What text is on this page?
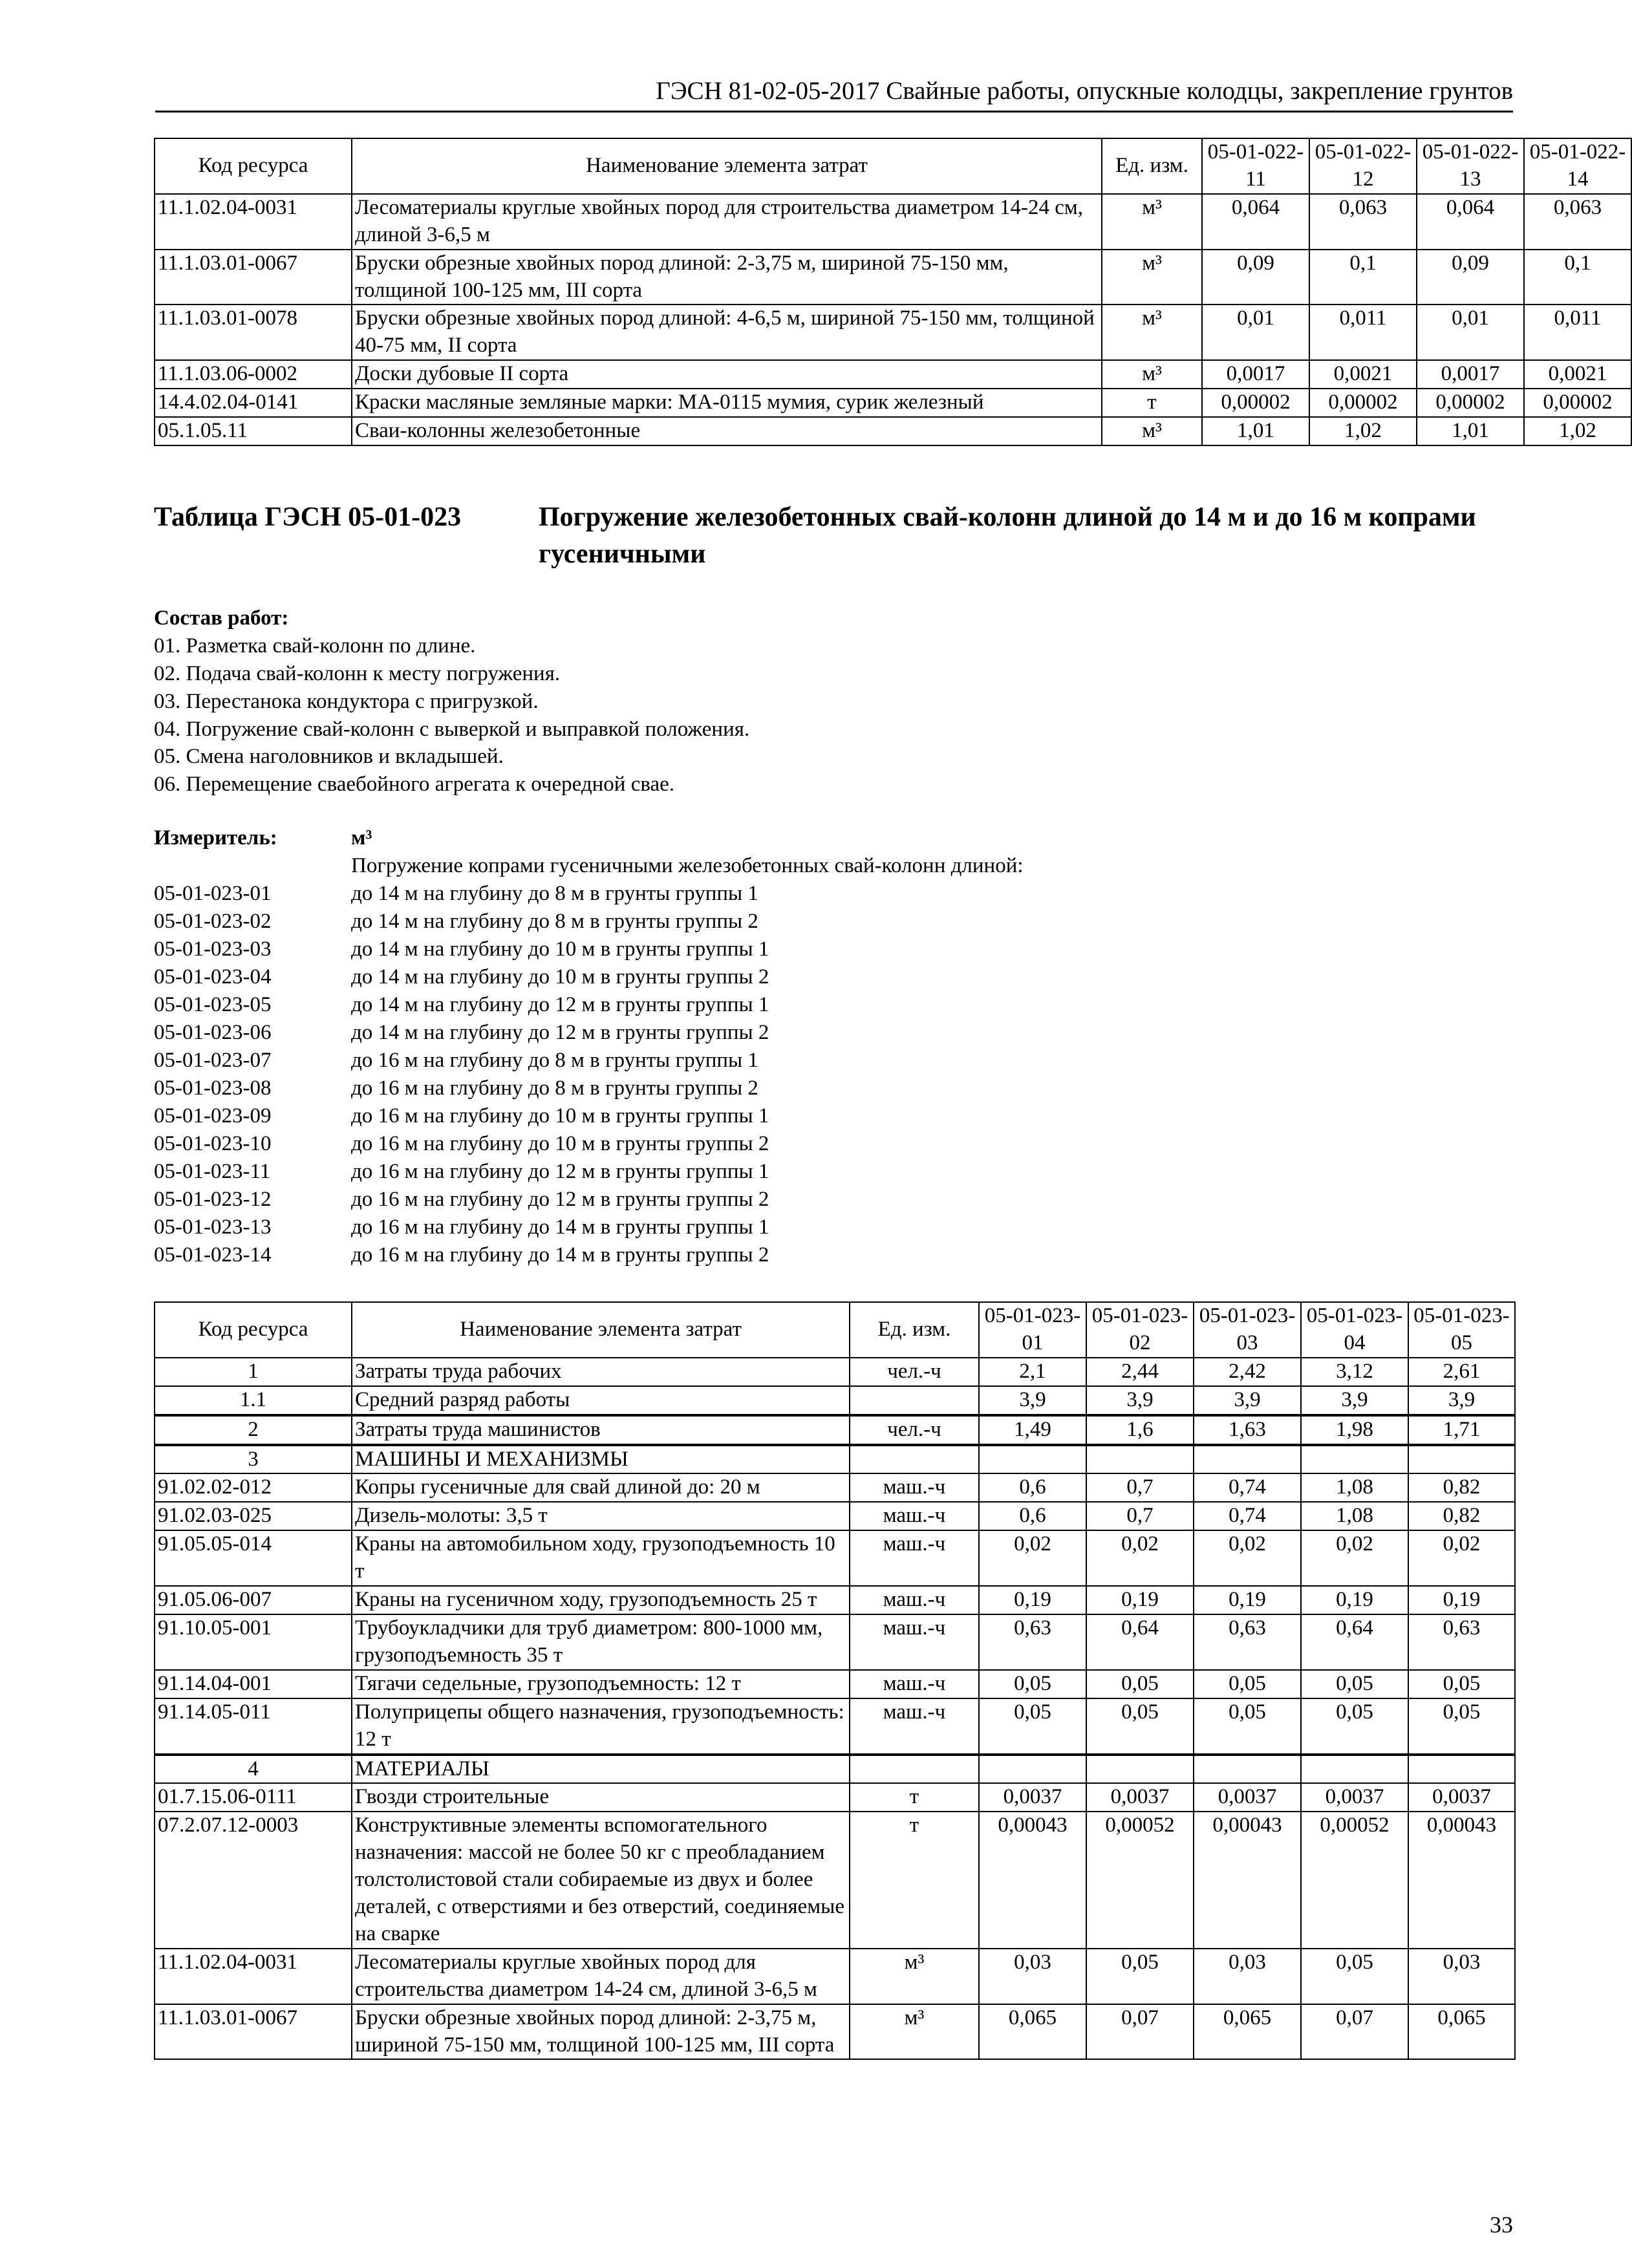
ГЭСН 81-02-05-2017 Свайные работы, опускные колодцы, закрепление грунтов
Код ресурса	Наименование элемента затрат	Ед. изм.	05-01-022-11	05-01-022-12	05-01-022-13	05-01-022-14
11.1.02.04-0031	Лесоматериалы круглые хвойных пород для строительства диаметром 14-24 см, длиной 3-6,5 м	м³	0,064	0,063	0,064	0,063
11.1.03.01-0067	Бруски обрезные хвойных пород длиной: 2-3,75 м, шириной 75-150 мм, толщиной 100-125 мм, III сорта	м³	0,09	0,1	0,09	0,1
11.1.03.01-0078	Бруски обрезные хвойных пород длиной: 4-6,5 м, шириной 75-150 мм, толщиной 40-75 мм, II сорта	м³	0,01	0,011	0,01	0,011
11.1.03.06-0002	Доски дубовые II сорта	м³	0,0017	0,0021	0,0017	0,0021
14.4.02.04-0141	Краски масляные земляные марки: МА-0115 мумия, сурик железный	т	0,00002	0,00002	0,00002	0,00002
05.1.05.11	Сваи-колонны железобетонные	м³	1,01	1,02	1,01	1,02
Таблица ГЭСН 05-01-023	Погружение железобетонных свай-колонн длиной до 14 м и до 16 м копрами гусеничными
Состав работ:
01. Разметка свай-колонн по длине.
02. Подача свай-колонн к месту погружения.
03. Перестанока кондуктора с пригрузкой.
04. Погружение свай-колонн с выверкой и выправкой положения.
05. Смена наголовников и вкладышей.
06. Перемещение сваебойного агрегата к очередной свае.
Измеритель:	м³
Погружение копрами гусеничными железобетонных свай-колонн длиной:
05-01-023-01	до 14 м на глубину до 8 м в грунты группы 1
05-01-023-02	до 14 м на глубину до 8 м в грунты группы 2
05-01-023-03	до 14 м на глубину до 10 м в грунты группы 1
05-01-023-04	до 14 м на глубину до 10 м в грунты группы 2
05-01-023-05	до 14 м на глубину до 12 м в грунты группы 1
05-01-023-06	до 14 м на глубину до 12 м в грунты группы 2
05-01-023-07	до 16 м на глубину до 8 м в грунты группы 1
05-01-023-08	до 16 м на глубину до 8 м в грунты группы 2
05-01-023-09	до 16 м на глубину до 10 м в грунты группы 1
05-01-023-10	до 16 м на глубину до 10 м в грунты группы 2
05-01-023-11	до 16 м на глубину до 12 м в грунты группы 1
05-01-023-12	до 16 м на глубину до 12 м в грунты группы 2
05-01-023-13	до 16 м на глубину до 14 м в грунты группы 1
05-01-023-14	до 16 м на глубину до 14 м в грунты группы 2
Код ресурса	Наименование элемента затрат	Ед. изм.	05-01-023-01	05-01-023-02	05-01-023-03	05-01-023-04	05-01-023-05
1	Затраты труда рабочих	чел.-ч	2,1	2,44	2,42	3,12	2,61
1.1	Средний разряд работы		3,9	3,9	3,9	3,9	3,9
2	Затраты труда машинистов	чел.-ч	1,49	1,6	1,63	1,98	1,71
3	МАШИНЫ И МЕХАНИЗМЫ						
91.02.02-012	Копры гусеничные для свай длиной до: 20 м	маш.-ч	0,6	0,7	0,74	1,08	0,82
91.02.03-025	Дизель-молоты: 3,5 т	маш.-ч	0,6	0,7	0,74	1,08	0,82
91.05.05-014	Краны на автомобильном ходу, грузоподъемность 10 т	маш.-ч	0,02	0,02	0,02	0,02	0,02
91.05.06-007	Краны на гусеничном ходу, грузоподъемность 25 т	маш.-ч	0,19	0,19	0,19	0,19	0,19
91.10.05-001	Трубоукладчики для труб диаметром: 800-1000 мм, грузоподъемность 35 т	маш.-ч	0,63	0,64	0,63	0,64	0,63
91.14.04-001	Тягачи седельные, грузоподъемность: 12 т	маш.-ч	0,05	0,05	0,05	0,05	0,05
91.14.05-011	Полуприцепы общего назначения, грузоподъемность: 12 т	маш.-ч	0,05	0,05	0,05	0,05	0,05
4	МАТЕРИАЛЫ						
01.7.15.06-0111	Гвозди строительные	т	0,0037	0,0037	0,0037	0,0037	0,0037
07.2.07.12-0003	Конструктивные элементы вспомогательного назначения: массой не более 50 кг с преобладанием толстолистовой стали собираемые из двух и более деталей, с отверстиями и без отверстий, соединяемые на сварке	т	0,00043	0,00052	0,00043	0,00052	0,00043
11.1.02.04-0031	Лесоматериалы круглые хвойных пород для строительства диаметром 14-24 см, длиной 3-6,5 м	м³	0,03	0,05	0,03	0,05	0,03
11.1.03.01-0067	Бруски обрезные хвойных пород длиной: 2-3,75 м, шириной 75-150 мм, толщиной 100-125 мм, III сорта	м³	0,065	0,07	0,065	0,07	0,065
33
